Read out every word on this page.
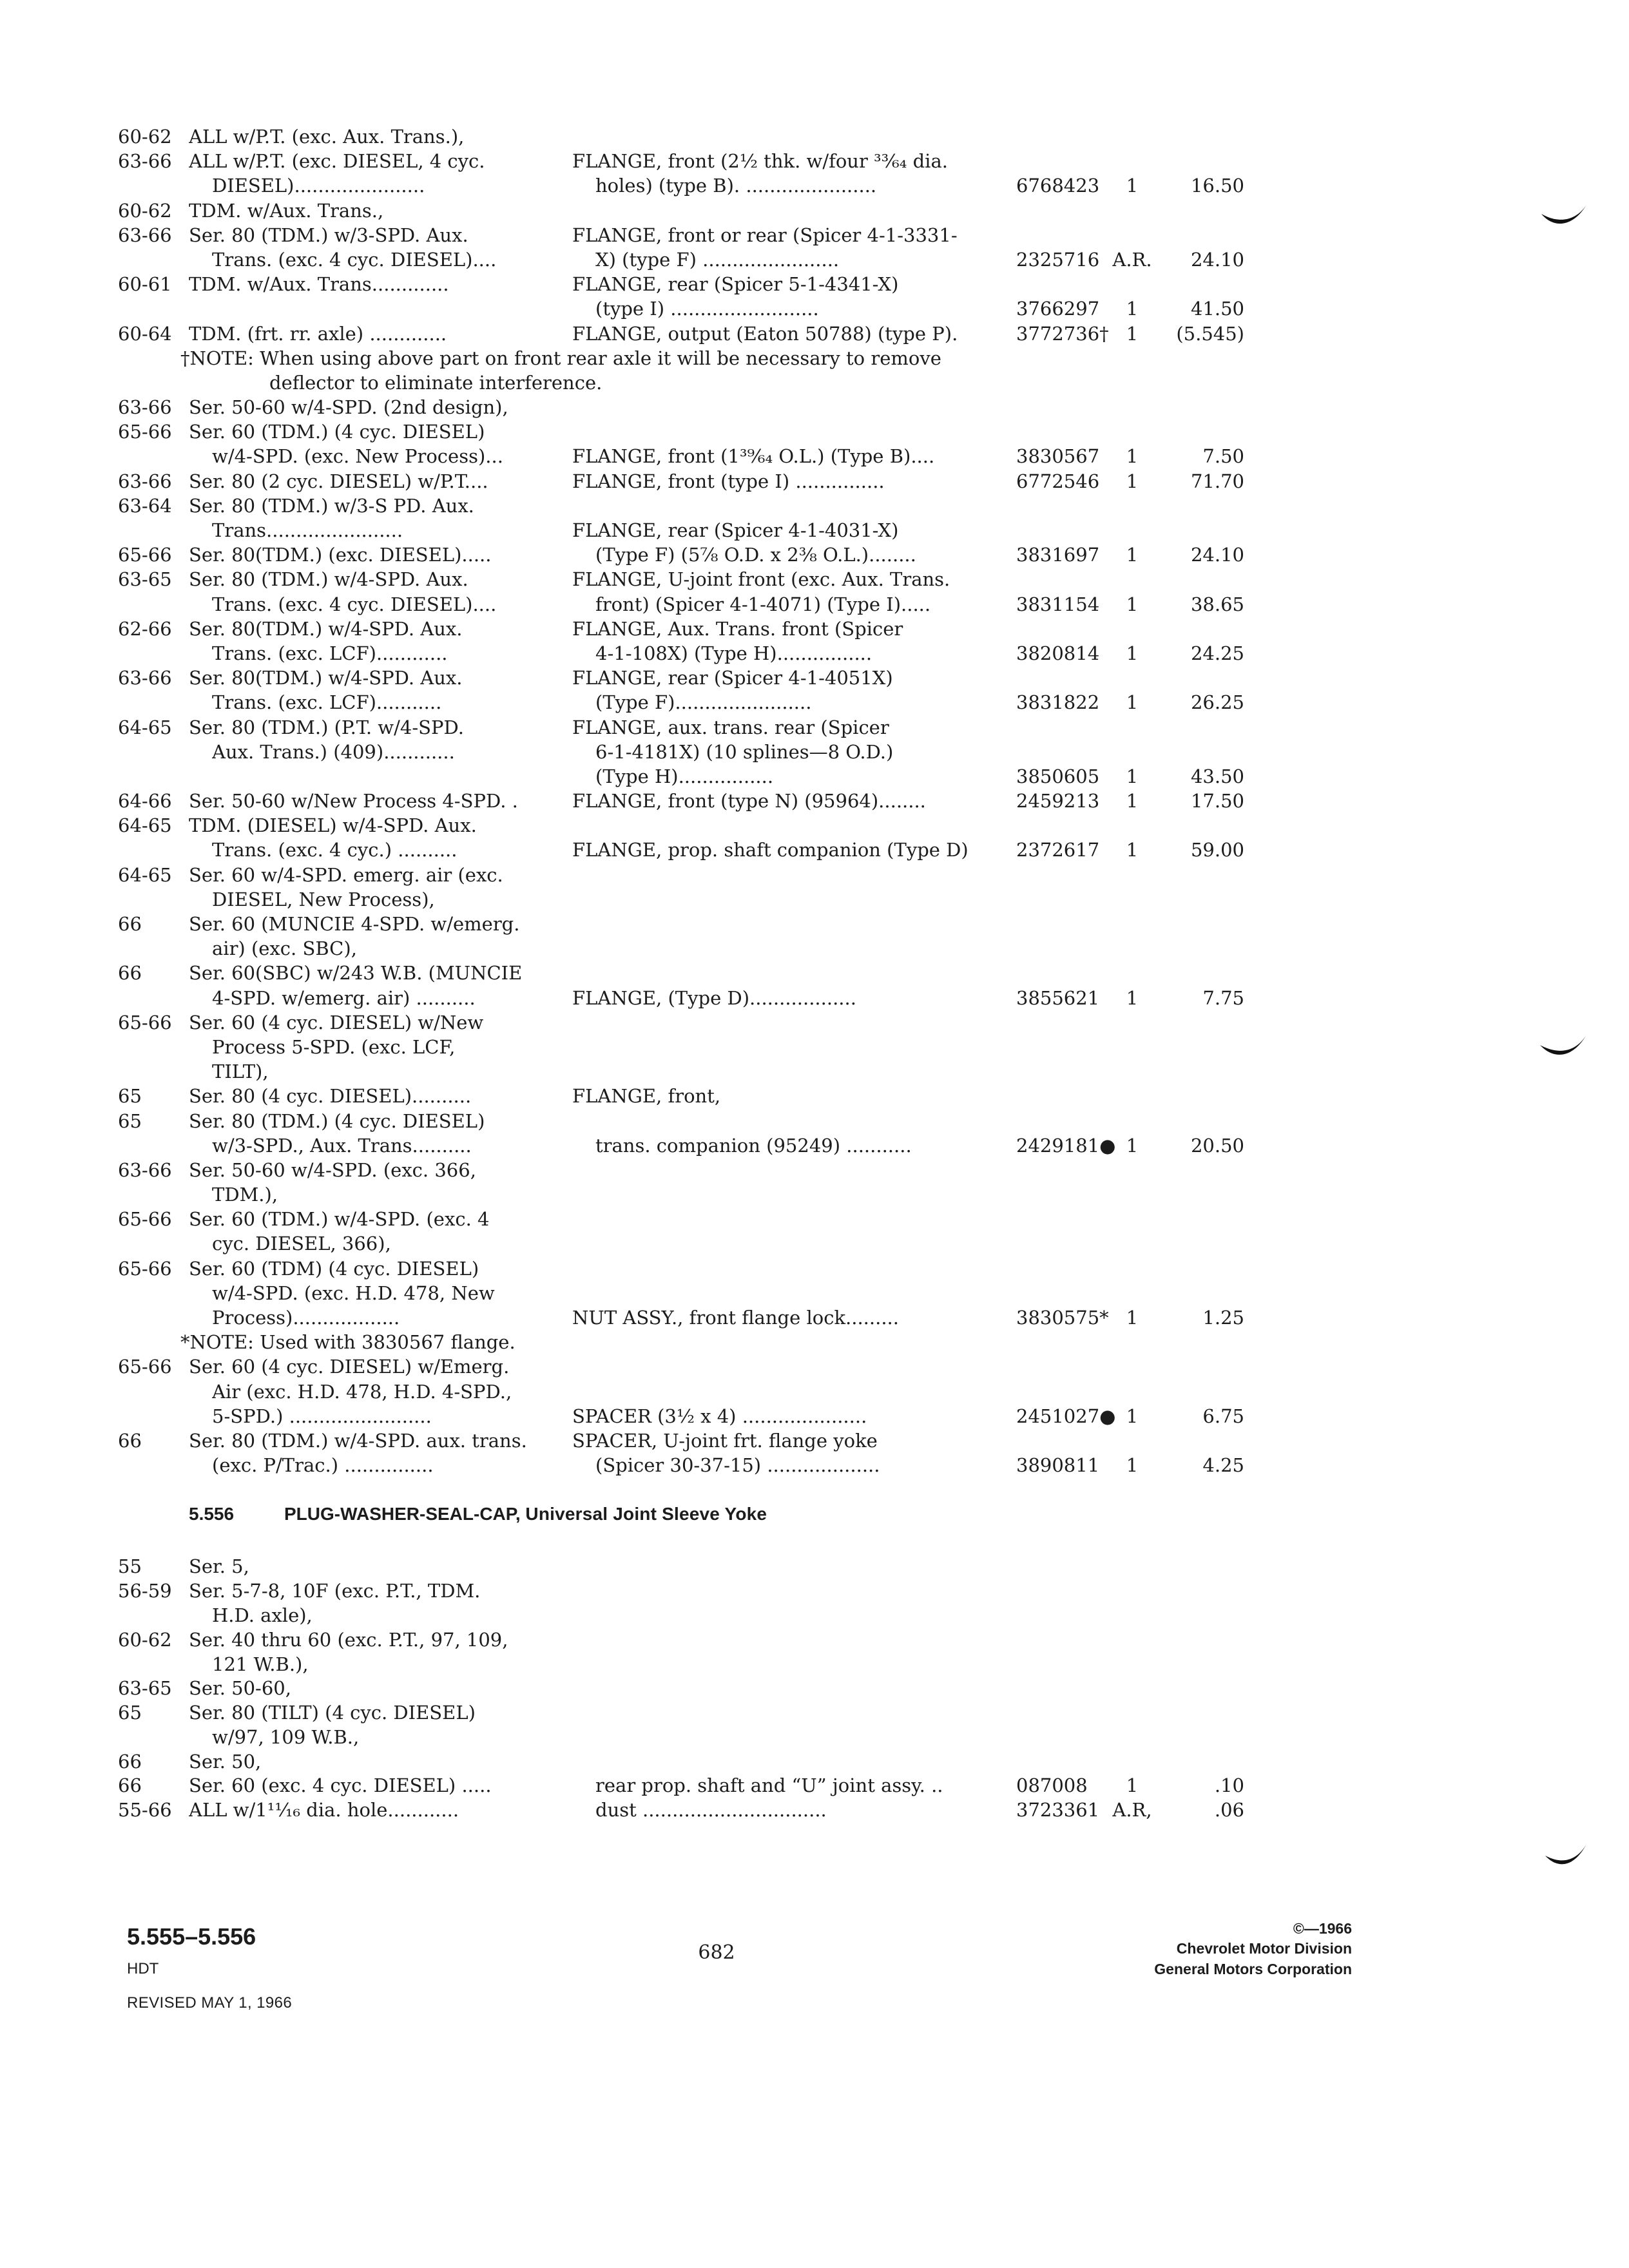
60-62 ALL w/P.T. (exc. Aux. Trans.),
63-66 ALL w/P.T. (exc. DIESEL, 4 cyc.	FLANGE, front (2½ thk. w/four ³³⁄₆₄ dia.
DIESEL)......................	holes) (type B). ......................	6768423	1	16.50
60-62 TDM. w/Aux. Trans.,
63-66 Ser. 80 (TDM.) w/3-SPD. Aux.	FLANGE, front or rear (Spicer 4-1-3331-
Trans. (exc. 4 cyc. DIESEL)....	X) (type F) .......................	2325716 A.R.	24.10
60-61 TDM. w/Aux. Trans.............	FLANGE, rear (Spicer 5-1-4341-X)
(type I) .........................	3766297	1	41.50
60-64 TDM. (frt. rr. axle) .............	FLANGE, output (Eaton 50788) (type P).	3772736† 1	(5.545)
†NOTE: When using above part on front rear axle it will be necessary to remove
deflector to eliminate interference.
63-66 Ser. 50-60 w/4-SPD. (2nd design),
65-66 Ser. 60 (TDM.) (4 cyc. DIESEL)
w/4-SPD. (exc. New Process)...	FLANGE, front (1³⁹⁄₆₄ O.L.) (Type B)....	3830567	1	7.50
63-66 Ser. 80 (2 cyc. DIESEL) w/P.T....	FLANGE, front (type I) ...............	6772546	1	71.70
63-64 Ser. 80 (TDM.) w/3-S PD. Aux.
Trans.......................	FLANGE, rear (Spicer 4-1-4031-X)
65-66 Ser. 80(TDM.) (exc. DIESEL).....	(Type F) (5⅞ O.D. x 2⅜ O.L.)........	3831697	1	24.10
63-65 Ser. 80 (TDM.) w/4-SPD. Aux.	FLANGE, U-joint front (exc. Aux. Trans.
Trans. (exc. 4 cyc. DIESEL)....	front) (Spicer 4-1-4071) (Type I).....	3831154	1	38.65
62-66 Ser. 80(TDM.) w/4-SPD. Aux.	FLANGE, Aux. Trans. front (Spicer
Trans. (exc. LCF)............	4-1-108X) (Type H)................	3820814	1	24.25
63-66 Ser. 80(TDM.) w/4-SPD. Aux.	FLANGE, rear (Spicer 4-1-4051X)
Trans. (exc. LCF)...........	(Type F).......................	3831822	1	26.25
64-65 Ser. 80 (TDM.) (P.T. w/4-SPD.	FLANGE, aux. trans. rear (Spicer
Aux. Trans.) (409)............	6-1-4181X) (10 splines—8 O.D.)
(Type H)................	3850605	1	43.50
64-66 Ser. 50-60 w/New Process 4-SPD. .	FLANGE, front (type N) (95964)........	2459213	1	17.50
64-65 TDM. (DIESEL) w/4-SPD. Aux.
Trans. (exc. 4 cyc.) ..........	FLANGE, prop. shaft companion (Type D)	2372617	1	59.00
64-65 Ser. 60 w/4-SPD. emerg. air (exc.
DIESEL, New Process),
66	Ser. 60 (MUNCIE 4-SPD. w/emerg.
air) (exc. SBC),
66	Ser. 60(SBC) w/243 W.B. (MUNCIE
4-SPD. w/emerg. air) ..........	FLANGE, (Type D)..................	3855621	1	7.75
65-66 Ser. 60 (4 cyc. DIESEL) w/New
Process 5-SPD. (exc. LCF,
TILT),
65	Ser. 80 (4 cyc. DIESEL)..........	FLANGE, front,
65	Ser. 80 (TDM.) (4 cyc. DIESEL)
w/3-SPD., Aux. Trans..........	trans. companion (95249) ...........	2429181● 1	20.50
63-66 Ser. 50-60 w/4-SPD. (exc. 366,
TDM.),
65-66 Ser. 60 (TDM.) w/4-SPD. (exc. 4
cyc. DIESEL, 366),
65-66 Ser. 60 (TDM) (4 cyc. DIESEL)
w/4-SPD. (exc. H.D. 478, New
Process)..................	NUT ASSY., front flange lock.........	3830575* 1	1.25
*NOTE: Used with 3830567 flange.
65-66 Ser. 60 (4 cyc. DIESEL) w/Emerg.
Air (exc. H.D. 478, H.D. 4-SPD.,
5-SPD.) ........................	SPACER (3½ x 4) .....................	2451027● 1	6.75
66	Ser. 80 (TDM.) w/4-SPD. aux. trans.	SPACER, U-joint frt. flange yoke
(exc. P/Trac.) ...............	(Spicer 30-37-15) ...................	3890811	1	4.25
5.556	PLUG-WASHER-SEAL-CAP, Universal Joint Sleeve Yoke
55	Ser. 5,
56-59 Ser. 5-7-8, 10F (exc. P.T., TDM.
H.D. axle),
60-62 Ser. 40 thru 60 (exc. P.T., 97, 109,
121 W.B.),
63-65 Ser. 50-60,
65	Ser. 80 (TILT) (4 cyc. DIESEL)
w/97, 109 W.B.,
66	Ser. 50,
66	Ser. 60 (exc. 4 cyc. DIESEL) .....	rear prop. shaft and “U” joint assy. ..	087008	1	.10
55-66 ALL w/1¹¹⁄₁₆ dia. hole............	dust ...............................	3723361 A.R,	.06
5.555–5.556
HDT
REVISED MAY 1, 1966
682
©—1966
Chevrolet Motor Division
General Motors Corporation
